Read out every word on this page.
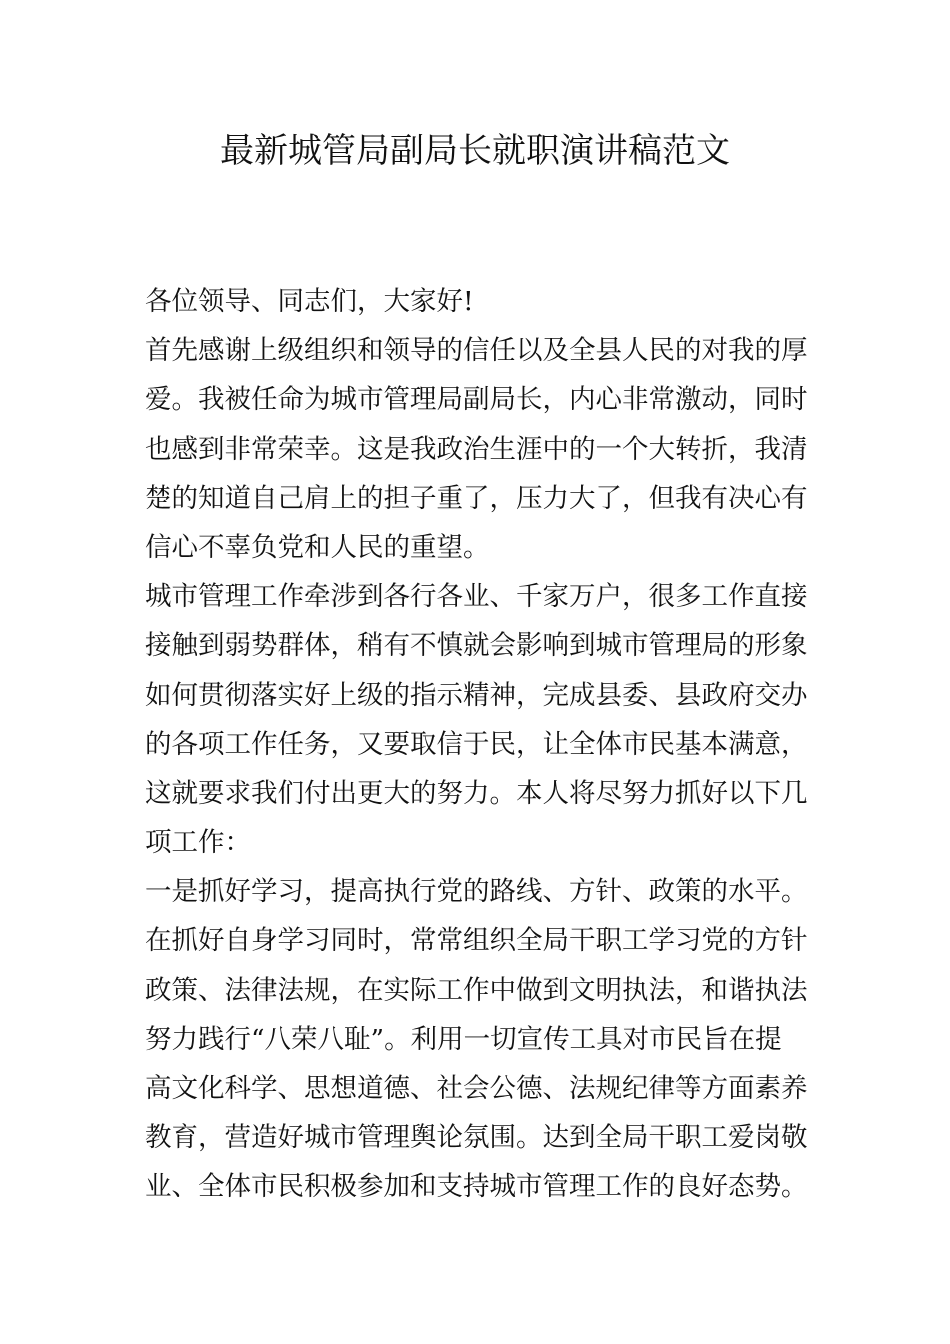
最新城管局副局长就职演讲稿范文
各位领导、同志们，大家好!
首先感谢上级组织和领导的信任以及全县人民的对我的厚
爱。我被任命为城市管理局副局长，内心非常激动，同时
也感到非常荣幸。这是我政治生涯中的一个大转折，我清
楚的知道自己肩上的担子重了，压力大了，但我有决心有
信心不辜负党和人民的重望。
城市管理工作牵涉到各行各业、千家万户，很多工作直接
接触到弱势群体，稍有不慎就会影响到城市管理局的形象
如何贯彻落实好上级的指示精神，完成县委、县政府交办
的各项工作任务，又要取信于民，让全体市民基本满意，
这就要求我们付出更大的努力。本人将尽努力抓好以下几
项工作：
一是抓好学习，提高执行党的路线、方针、政策的水平。
在抓好自身学习同时，常常组织全局干职工学习党的方针
政策、法律法规，在实际工作中做到文明执法，和谐执法
努力践行“八荣八耻”。利用一切宣传工具对市民旨在提
高文化科学、思想道德、社会公德、法规纪律等方面素养
教育，营造好城市管理舆论氛围。达到全局干职工爱岗敬
业、全体市民积极参加和支持城市管理工作的良好态势。
